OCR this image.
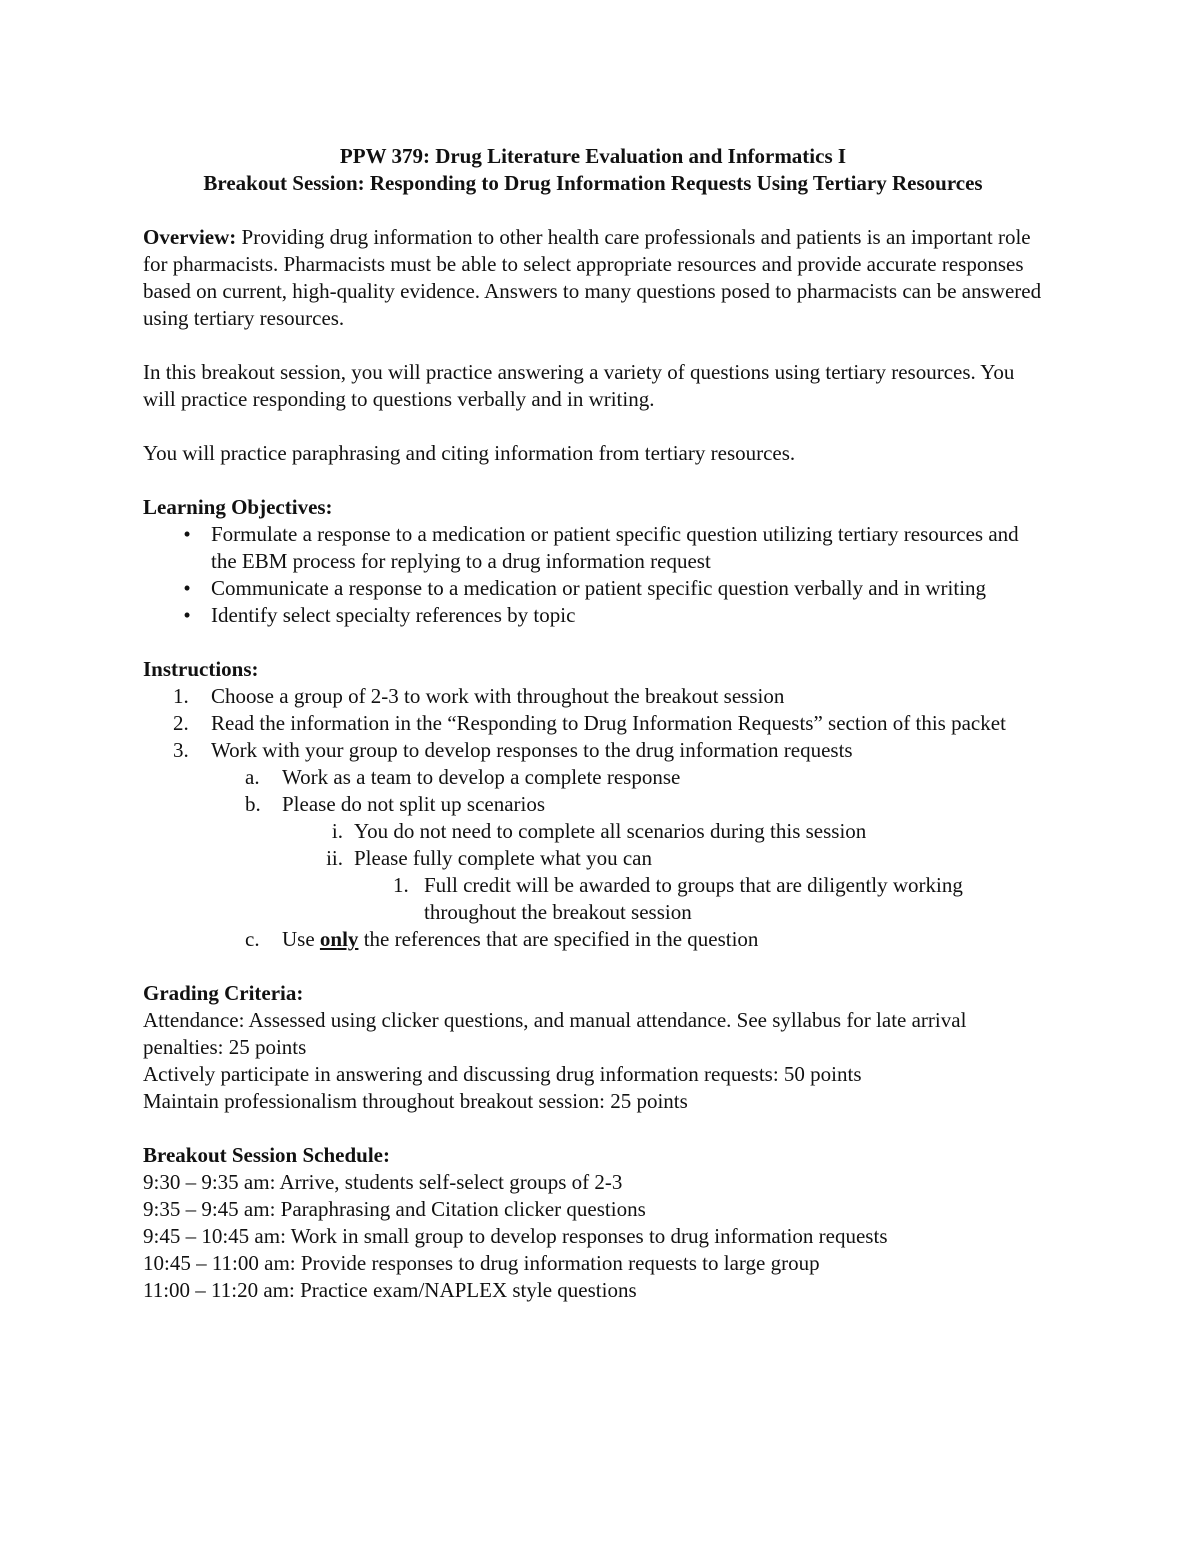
PPW 379: Drug Literature Evaluation and Informatics I

Breakout Session: Responding to Drug Information Requests Using Tertiary Resources

Overview: Providing drug information to other health care professionals and patients is an important role for pharmacists. Pharmacists must be able to select appropriate resources and provide accurate responses based on current, high-quality evidence. Answers to many questions posed to pharmacists can be answered using tertiary resources.

In this breakout session, you will practice answering a variety of questions using tertiary resources. You will practice responding to questions verbally and in writing.

You will practice paraphrasing and citing information from tertiary resources.

Learning Objectives:

• Formulate a response to a medication or patient specific question utilizing tertiary resources and the EBM process for replying to a drug information request
• Communicate a response to a medication or patient specific question verbally and in writing
• Identify select specialty references by topic

Instructions:

1. Choose a group of 2-3 to work with throughout the breakout session
2. Read the information in the “Responding to Drug Information Requests” section of this packet
3. Work with your group to develop responses to the drug information requests
a. Work as a team to develop a complete response
b. Please do not split up scenarios
i. You do not need to complete all scenarios during this session
ii. Please fully complete what you can
1. Full credit will be awarded to groups that are diligently working throughout the breakout session
c. Use only the references that are specified in the question

Grading Criteria:

Attendance: Assessed using clicker questions, and manual attendance. See syllabus for late arrival penalties: 25 points

Actively participate in answering and discussing drug information requests: 50 points

Maintain professionalism throughout breakout session: 25 points

Breakout Session Schedule:

9:30 – 9:35 am: Arrive, students self-select groups of 2-3

9:35 – 9:45 am: Paraphrasing and Citation clicker questions

9:45 – 10:45 am: Work in small group to develop responses to drug information requests

10:45 – 11:00 am: Provide responses to drug information requests to large group

11:00 – 11:20 am: Practice exam/NAPLEX style questions
